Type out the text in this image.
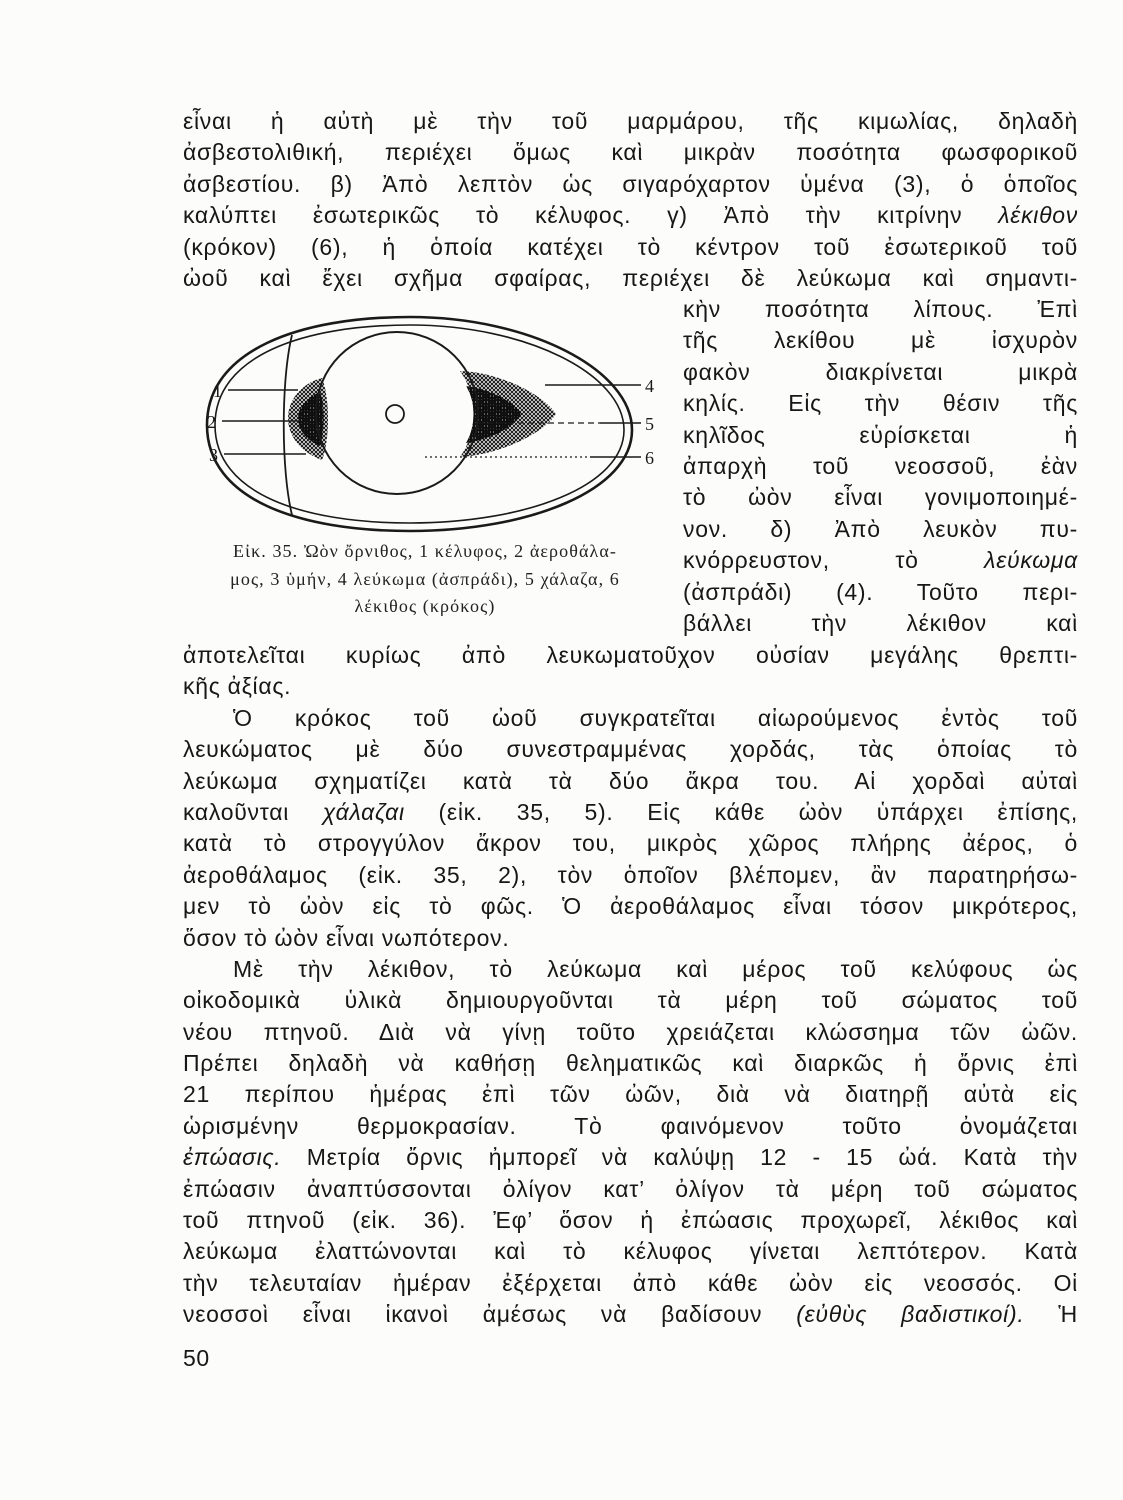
εἶναι ἡ αὐτὴ μὲ τὴν τοῦ μαρμάρου, τῆς κιμωλίας, δηλαδὴ
ἀσβεστολιθική, περιέχει ὅμως καὶ μικρὰν ποσότητα φωσφορικοῦ
ἀσβεστίου. β) Ἀπὸ λεπτὸν ὡς σιγαρόχαρτον ὑμένα (3), ὁ ὁποῖος
καλύπτει ἐσωτερικῶς τὸ κέλυφος. γ) Ἀπὸ τὴν κιτρίνην λέκιθον
(κρόκον) (6), ἡ ὁποία κατέχει τὸ κέντρον τοῦ ἐσωτερικοῦ τοῦ
ὠοῦ καὶ ἔχει σχῆμα σφαίρας, περιέχει δὲ λεύκωμα καὶ σημαντι-
1
2
3
4
5
6
Εἰκ. 35. Ὠὸν ὄρνιθος, 1 κέλυφος, 2 ἀεροθάλα-
μος, 3 ὑμήν, 4 λεύκωμα (ἀσπράδι), 5 χάλαζα, 6
λέκιθος (κρόκος)
κὴν ποσότητα λίπους. Ἐπὶ
τῆς λεκίθου μὲ ἰσχυρὸν
φακὸν διακρίνεται μικρὰ
κηλίς. Εἰς τὴν θέσιν τῆς
κηλῖδος εὑρίσκεται ἡ
ἀπαρχὴ τοῦ νεοσσοῦ, ἐὰν
τὸ ὠὸν εἶναι γονιμοποιημέ-
νον. δ) Ἀπὸ λευκὸν πυ-
κνόρρευστον, τὸ λεύκωμα
(ἀσπράδι) (4). Τοῦτο περι-
βάλλει τὴν λέκιθον καὶ
ἀποτελεῖται κυρίως ἀπὸ λευκωματοῦχον οὐσίαν μεγάλης θρεπτι-
κῆς ἀξίας.
Ὁ κρόκος τοῦ ὠοῦ συγκρατεῖται αἰωρούμενος ἐντὸς τοῦ
λευκώματος μὲ δύο συνεστραμμένας χορδάς, τὰς ὁποίας τὸ
λεύκωμα σχηματίζει κατὰ τὰ δύο ἄκρα του. Αἱ χορδαὶ αὐταὶ
καλοῦνται χάλαζαι (εἰκ. 35, 5). Εἰς κάθε ὠὸν ὑπάρχει ἐπίσης,
κατὰ τὸ στρογγύλον ἄκρον του, μικρὸς χῶρος πλήρης ἀέρος, ὁ
ἀεροθάλαμος (εἰκ. 35, 2), τὸν ὁποῖον βλέπομεν, ἂν παρατηρήσω-
μεν τὸ ὠὸν εἰς τὸ φῶς. Ὁ ἀεροθάλαμος εἶναι τόσον μικρότερος,
ὅσον τὸ ὠὸν εἶναι νωπότερον.
Μὲ τὴν λέκιθον, τὸ λεύκωμα καὶ μέρος τοῦ κελύφους ὡς
οἰκοδομικὰ ὑλικὰ δημιουργοῦνται τὰ μέρη τοῦ σώματος τοῦ
νέου πτηνοῦ. Διὰ νὰ γίνῃ τοῦτο χρειάζεται κλώσσημα τῶν ὠῶν.
Πρέπει δηλαδὴ νὰ καθήσῃ θεληματικῶς καὶ διαρκῶς ἡ ὄρνις ἐπὶ
21 περίπου ἡμέρας ἐπὶ τῶν ὠῶν, διὰ νὰ διατηρῇ αὐτὰ εἰς
ὡρισμένην θερμοκρασίαν. Τὸ φαινόμενον τοῦτο ὀνομάζεται
ἐπώασις. Μετρία ὄρνις ἠμπορεῖ νὰ καλύψῃ 12 - 15 ὠά. Κατὰ τὴν
ἐπώασιν ἀναπτύσσονται ὀλίγον κατ’ ὀλίγον τὰ μέρη τοῦ σώματος
τοῦ πτηνοῦ (εἰκ. 36). Ἐφ’ ὅσον ἡ ἐπώασις προχωρεῖ, λέκιθος καὶ
λεύκωμα ἐλαττώνονται καὶ τὸ κέλυφος γίνεται λεπτότερον. Κατὰ
τὴν τελευταίαν ἡμέραν ἐξέρχεται ἀπὸ κάθε ὠὸν εἰς νεοσσός. Οἱ
νεοσσοὶ εἶναι ἱκανοὶ ἀμέσως νὰ βαδίσουν (εὐθὺς βαδιστικοί). Ἡ
50
